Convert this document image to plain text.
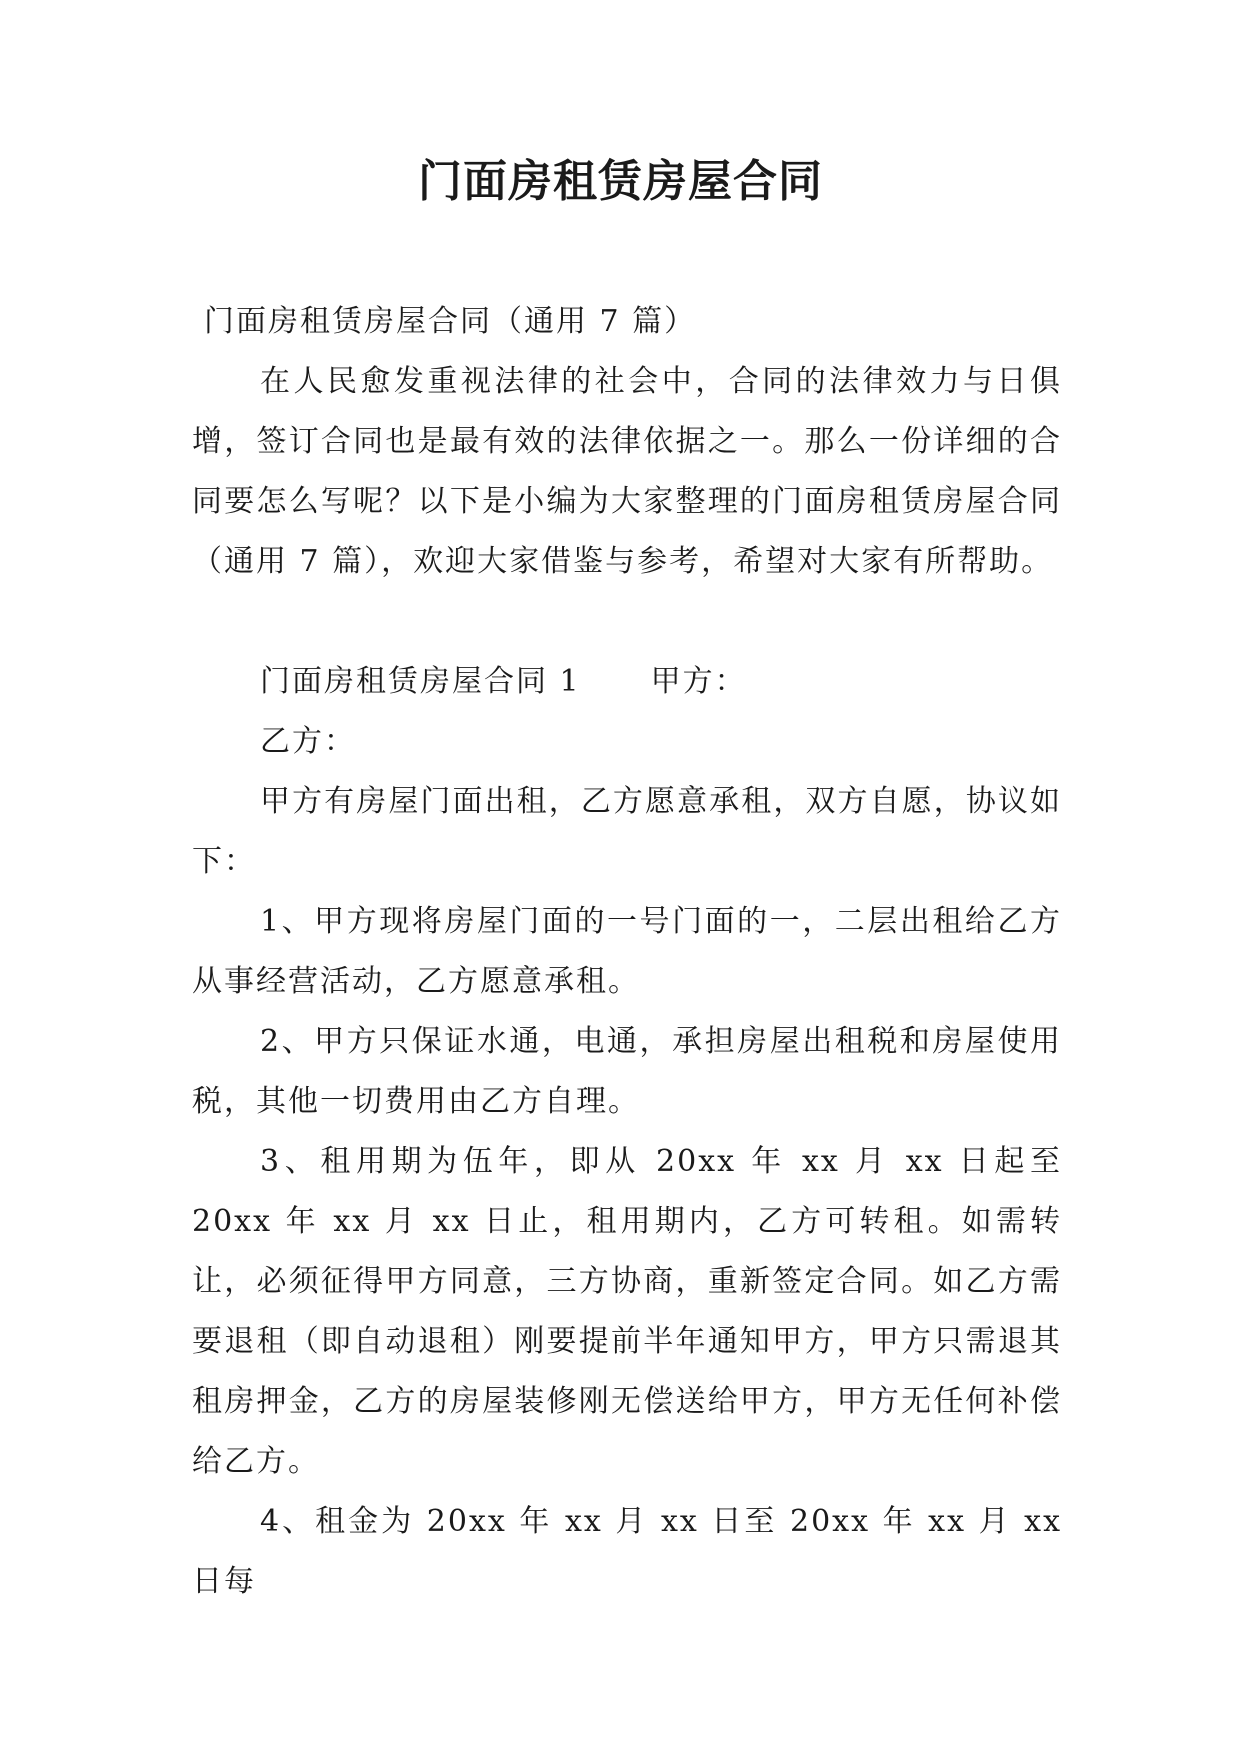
门面房租赁房屋合同

门面房租赁房屋合同（通用 7 篇）

在人民愈发重视法律的社会中，合同的法律效力与日俱增，签订合同也是最有效的法律依据之一。那么一份详细的合同要怎么写呢？以下是小编为大家整理的门面房租赁房屋合同（通用 7 篇），欢迎大家借鉴与参考，希望对大家有所帮助。

门面房租赁房屋合同 1 甲方：

乙方：

甲方有房屋门面出租，乙方愿意承租，双方自愿，协议如下：

1、甲方现将房屋门面的一号门面的一，二层出租给乙方从事经营活动，乙方愿意承租。

2、甲方只保证水通，电通，承担房屋出租税和房屋使用税，其他一切费用由乙方自理。

3、租用期为伍年，即从 20xx 年 xx 月 xx 日起至 20xx 年 xx 月 xx 日止，租用期内，乙方可转租。如需转让，必须征得甲方同意，三方协商，重新签定合同。如乙方需要退租（即自动退租）刚要提前半年通知甲方，甲方只需退其租房押金，乙方的房屋装修刚无偿送给甲方，甲方无任何补偿给乙方。

4、租金为 20xx 年 xx 月 xx 日至 20xx 年 xx 月 xx 日每
